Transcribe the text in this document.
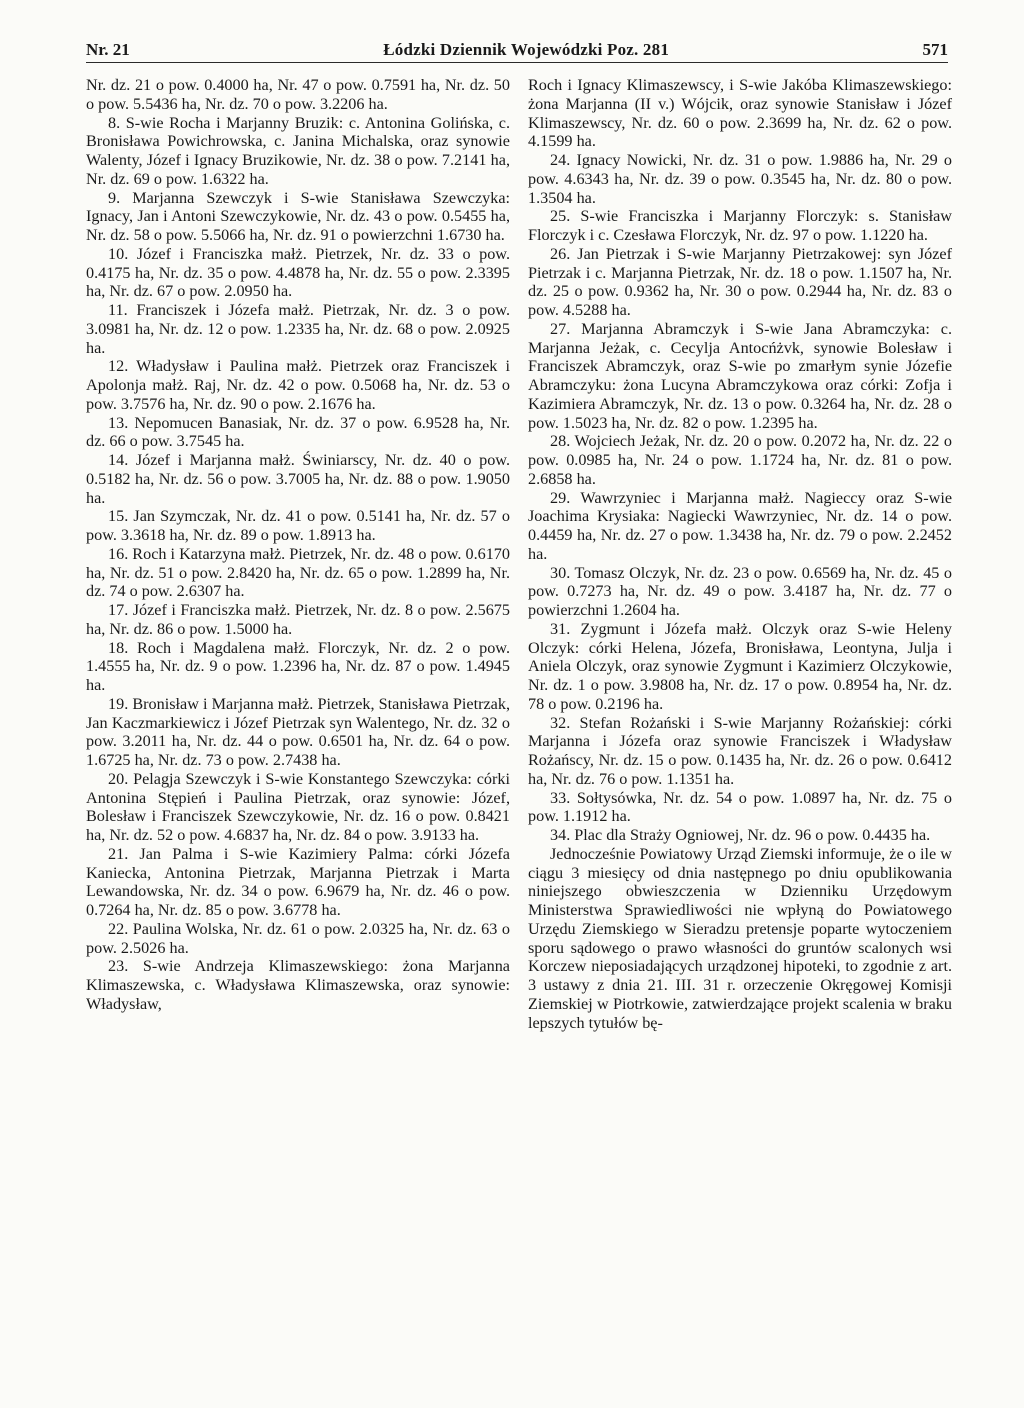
Nr. 21	Łódzki Dziennik Wojewódzki Poz. 281	571

Nr. dz. 21 o pow. 0.4000 ha, Nr. 47 o pow. 0.7591 ha, Nr. dz. 50 o pow. 5.5436 ha, Nr. dz. 70 o pow. 3.2206 ha.

8. S-wie Rocha i Marjanny Bruzik: c. Antonina Golińska, c. Bronisława Powichrowska, c. Janina Michalska, oraz synowie Walenty, Józef i Ignacy Bruzikowie, Nr. dz. 38 o pow. 7.2141 ha, Nr. dz. 69 o pow. 1.6322 ha.

9. Marjanna Szewczyk i S-wie Stanisława Szewczyka: Ignacy, Jan i Antoni Szewczykowie, Nr. dz. 43 o pow. 0.5455 ha, Nr. dz. 58 o pow. 5.5066 ha, Nr. dz. 91 o powierzchni 1.6730 ha.

10. Józef i Franciszka małż. Pietrzek, Nr. dz. 33 o pow. 0.4175 ha, Nr. dz. 35 o pow. 4.4878 ha, Nr. dz. 55 o pow. 2.3395 ha, Nr. dz. 67 o pow. 2.0950 ha.

11. Franciszek i Józefa małż. Pietrzak, Nr. dz. 3 o pow. 3.0981 ha, Nr. dz. 12 o pow. 1.2335 ha, Nr. dz. 68 o pow. 2.0925 ha.

12. Władysław i Paulina małż. Pietrzek oraz Franciszek i Apolonja małż. Raj, Nr. dz. 42 o pow. 0.5068 ha, Nr. dz. 53 o pow. 3.7576 ha, Nr. dz. 90 o pow. 2.1676 ha.

13. Nepomucen Banasiak, Nr. dz. 37 o pow. 6.9528 ha, Nr. dz. 66 o pow. 3.7545 ha.

14. Józef i Marjanna małż. Świniarscy, Nr. dz. 40 o pow. 0.5182 ha, Nr. dz. 56 o pow. 3.7005 ha, Nr. dz. 88 o pow. 1.9050 ha.

15. Jan Szymczak, Nr. dz. 41 o pow. 0.5141 ha, Nr. dz. 57 o pow. 3.3618 ha, Nr. dz. 89 o pow. 1.8913 ha.

16. Roch i Katarzyna małż. Pietrzek, Nr. dz. 48 o pow. 0.6170 ha, Nr. dz. 51 o pow. 2.8420 ha, Nr. dz. 65 o pow. 1.2899 ha, Nr. dz. 74 o pow. 2.6307 ha.

17. Józef i Franciszka małż. Pietrzek, Nr. dz. 8 o pow. 2.5675 ha, Nr. dz. 86 o pow. 1.5000 ha.

18. Roch i Magdalena małż. Florczyk, Nr. dz. 2 o pow. 1.4555 ha, Nr. dz. 9 o pow. 1.2396 ha, Nr. dz. 87 o pow. 1.4945 ha.

19. Bronisław i Marjanna małż. Pietrzek, Stanisława Pietrzak, Jan Kaczmarkiewicz i Józef Pietrzak syn Walentego, Nr. dz. 32 o pow. 3.2011 ha, Nr. dz. 44 o pow. 0.6501 ha, Nr. dz. 64 o pow. 1.6725 ha, Nr. dz. 73 o pow. 2.7438 ha.

20. Pelagja Szewczyk i S-wie Konstantego Szewczyka: córki Antonina Stępień i Paulina Pietrzak, oraz synowie: Józef, Bolesław i Franciszek Szewczykowie, Nr. dz. 16 o pow. 0.8421 ha, Nr. dz. 52 o pow. 4.6837 ha, Nr. dz. 84 o pow. 3.9133 ha.

21. Jan Palma i S-wie Kazimiery Palma: córki Józefa Kaniecka, Antonina Pietrzak, Marjanna Pietrzak i Marta Lewandowska, Nr. dz. 34 o pow. 6.9679 ha, Nr. dz. 46 o pow. 0.7264 ha, Nr. dz. 85 o pow. 3.6778 ha.

22. Paulina Wolska, Nr. dz. 61 o pow. 2.0325 ha, Nr. dz. 63 o pow. 2.5026 ha.

23. S-wie Andrzeja Klimaszewskiego: żona Marjanna Klimaszewska, c. Władysława Klimaszewska, oraz synowie: Władysław,

Roch i Ignacy Klimaszewscy, i S-wie Jakóba Klimaszewskiego: żona Marjanna (II v.) Wójcik, oraz synowie Stanisław i Józef Klimaszewscy, Nr. dz. 60 o pow. 2.3699 ha, Nr. dz. 62 o pow. 4.1599 ha.

24. Ignacy Nowicki, Nr. dz. 31 o pow. 1.9886 ha, Nr. 29 o pow. 4.6343 ha, Nr. dz. 39 o pow. 0.3545 ha, Nr. dz. 80 o pow. 1.3504 ha.

25. S-wie Franciszka i Marjanny Florczyk: s. Stanisław Florczyk i c. Czesława Florczyk, Nr. dz. 97 o pow. 1.1220 ha.

26. Jan Pietrzak i S-wie Marjanny Pietrzakowej: syn Józef Pietrzak i c. Marjanna Pietrzak, Nr. dz. 18 o pow. 1.1507 ha, Nr. dz. 25 o pow. 0.9362 ha, Nr. 30 o pow. 0.2944 ha, Nr. dz. 83 o pow. 4.5288 ha.

27. Marjanna Abramczyk i S-wie Jana Abramczyka: c. Marjanna Jeżak, c. Cecylja Antocńżvk, synowie Bolesław i Franciszek Abramczyk, oraz S-wie po zmarłym synie Józefie Abramczyku: żona Lucyna Abramczykowa oraz córki: Zofja i Kazimiera Abramczyk, Nr. dz. 13 o pow. 0.3264 ha, Nr. dz. 28 o pow. 1.5023 ha, Nr. dz. 82 o pow. 1.2395 ha.

28. Wojciech Jeżak, Nr. dz. 20 o pow. 0.2072 ha, Nr. dz. 22 o pow. 0.0985 ha, Nr. 24 o pow. 1.1724 ha, Nr. dz. 81 o pow. 2.6858 ha.

29. Wawrzyniec i Marjanna małż. Nagieccy oraz S-wie Joachima Krysiaka: Nagiecki Wawrzyniec, Nr. dz. 14 o pow. 0.4459 ha, Nr. dz. 27 o pow. 1.3438 ha, Nr. dz. 79 o pow. 2.2452 ha.

30. Tomasz Olczyk, Nr. dz. 23 o pow. 0.6569 ha, Nr. dz. 45 o pow. 0.7273 ha, Nr. dz. 49 o pow. 3.4187 ha, Nr. dz. 77 o powierzchni 1.2604 ha.

31. Zygmunt i Józefa małż. Olczyk oraz S-wie Heleny Olczyk: córki Helena, Józefa, Bronisława, Leontyna, Julja i Aniela Olczyk, oraz synowie Zygmunt i Kazimierz Olczykowie, Nr. dz. 1 o pow. 3.9808 ha, Nr. dz. 17 o pow. 0.8954 ha, Nr. dz. 78 o pow. 0.2196 ha.

32. Stefan Rożański i S-wie Marjanny Rożańskiej: córki Marjanna i Józefa oraz synowie Franciszek i Władysław Rożańscy, Nr. dz. 15 o pow. 0.1435 ha, Nr. dz. 26 o pow. 0.6412 ha, Nr. dz. 76 o pow. 1.1351 ha.

33. Sołtysówka, Nr. dz. 54 o pow. 1.0897 ha, Nr. dz. 75 o pow. 1.1912 ha.

34. Plac dla Straży Ogniowej, Nr. dz. 96 o pow. 0.4435 ha.

Jednocześnie Powiatowy Urząd Ziemski informuje, że o ile w ciągu 3 miesięcy od dnia następnego po dniu opublikowania niniejszego obwieszczenia w Dzienniku Urzędowym Ministerstwa Sprawiedliwości nie wpłyną do Powiatowego Urzędu Ziemskiego w Sieradzu pretensje poparte wytoczeniem sporu sądowego o prawo własności do gruntów scalonych wsi Korczew nieposiadających urządzonej hipoteki, to zgodnie z art. 3 ustawy z dnia 21. III. 31 r. orzeczenie Okręgowej Komisji Ziemskiej w Piotrkowie, zatwierdzające projekt scalenia w braku lepszych tytułów bę-
